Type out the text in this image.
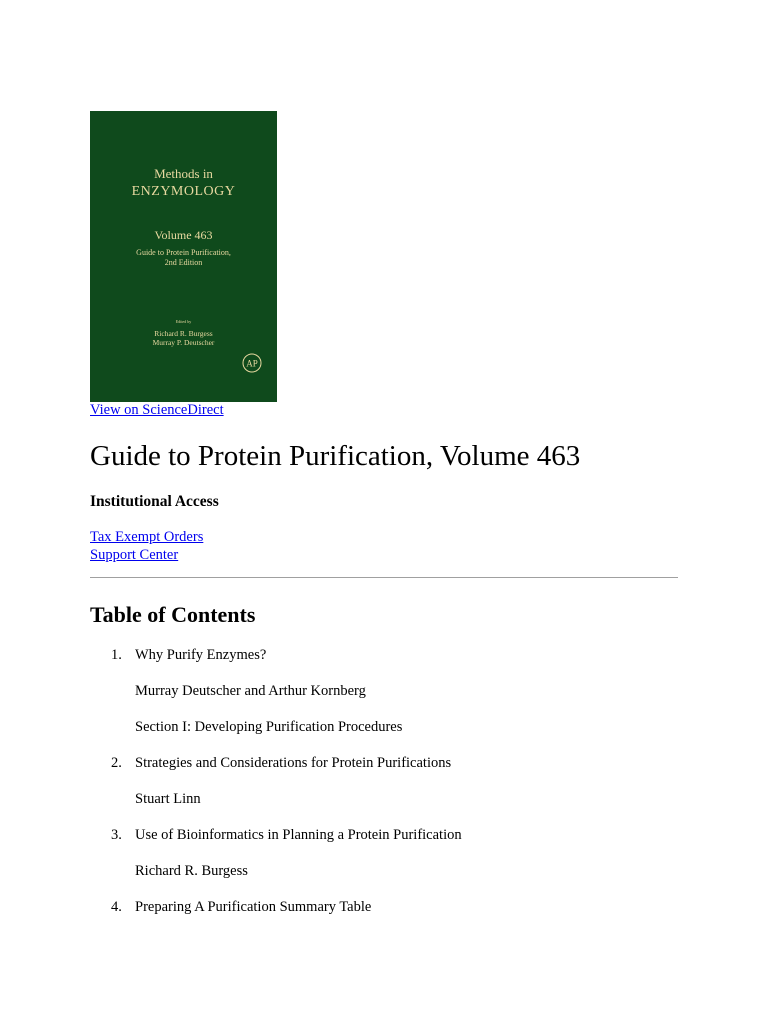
Methods in
ENZYMOLOGY
Volume 463
Guide to Protein Purification,
2nd Edition
Edited by
Richard R. Burgess
Murray P. Deutscher
AP
View on ScienceDirect
Guide to Protein Purification, Volume 463
Institutional Access
Tax Exempt Orders
Support Center
Table of Contents
1. Why Purify Enzymes?
Murray Deutscher and Arthur Kornberg
Section I: Developing Purification Procedures
2. Strategies and Considerations for Protein Purifications
Stuart Linn
3. Use of Bioinformatics in Planning a Protein Purification
Richard R. Burgess
4. Preparing A Purification Summary Table
